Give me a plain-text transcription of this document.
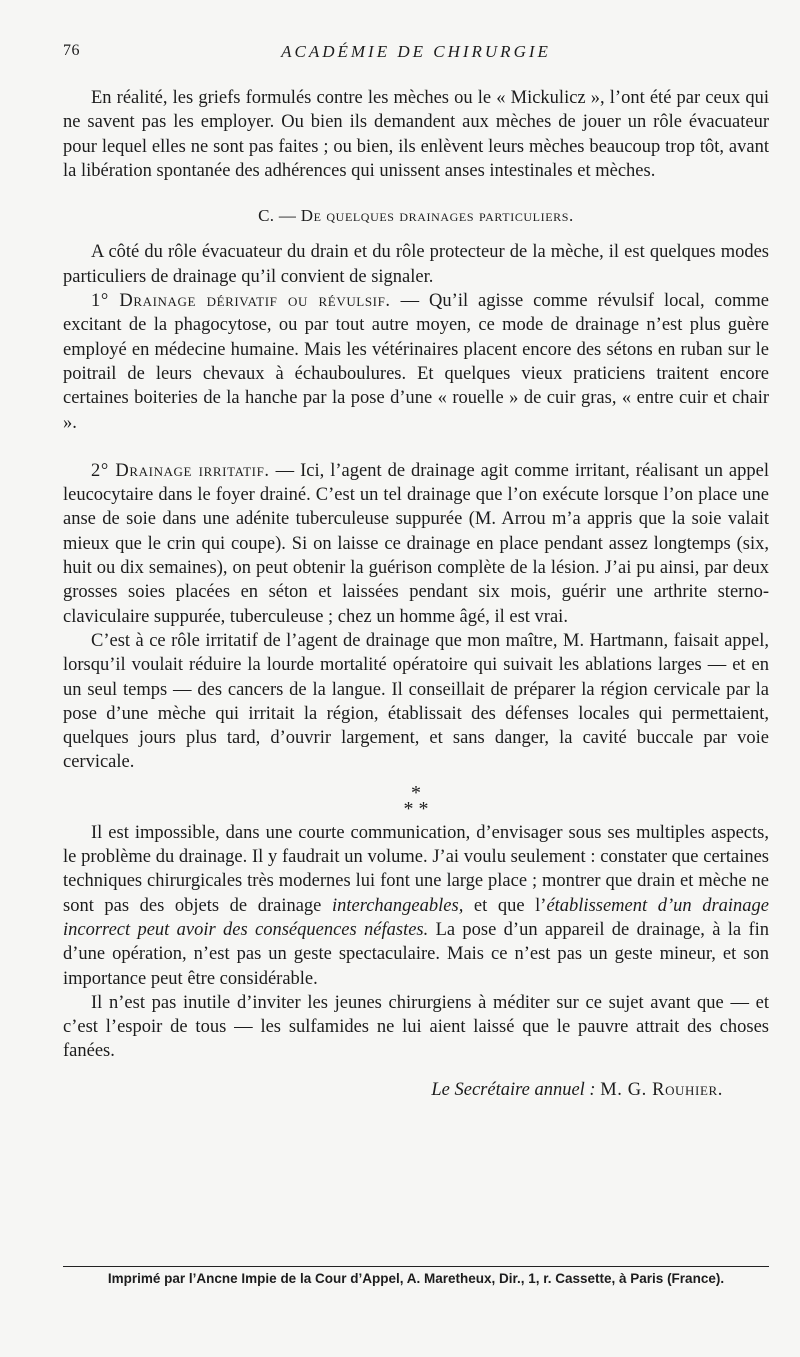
76	ACADÉMIE DE CHIRURGIE

En réalité, les griefs formulés contre les mèches ou le « Mickulicz », l’ont été par ceux qui ne savent pas les employer. Ou bien ils demandent aux mèches de jouer un rôle évacuateur pour lequel elles ne sont pas faites ; ou bien, ils enlèvent leurs mèches beaucoup trop tôt, avant la libération spontanée des adhérences qui unissent anses intestinales et mèches.

C. — De quelques drainages particuliers.

A côté du rôle évacuateur du drain et du rôle protecteur de la mèche, il est quelques modes particuliers de drainage qu’il convient de signaler.

1° Drainage dérivatif ou révulsif. — Qu’il agisse comme révulsif local, comme excitant de la phagocytose, ou par tout autre moyen, ce mode de drainage n’est plus guère employé en médecine humaine. Mais les vétérinaires placent encore des sétons en ruban sur le poitrail de leurs chevaux à échauboulures. Et quelques vieux praticiens traitent encore certaines boiteries de la hanche par la pose d’une « rouelle » de cuir gras, « entre cuir et chair ».

2° Drainage irritatif. — Ici, l’agent de drainage agit comme irritant, réalisant un appel leucocytaire dans le foyer drainé. C’est un tel drainage que l’on exécute lorsque l’on place une anse de soie dans une adénite tuberculeuse suppurée (M. Arrou m’a appris que la soie valait mieux que le crin qui coupe). Si on laisse ce drainage en place pendant assez longtemps (six, huit ou dix semaines), on peut obtenir la guérison complète de la lésion. J’ai pu ainsi, par deux grosses soies placées en séton et laissées pendant six mois, guérir une arthrite sterno-claviculaire suppurée, tuberculeuse ; chez un homme âgé, il est vrai.

C’est à ce rôle irritatif de l’agent de drainage que mon maître, M. Hartmann, faisait appel, lorsqu’il voulait réduire la lourde mortalité opératoire qui suivait les ablations larges — et en un seul temps — des cancers de la langue. Il conseillait de préparer la région cervicale par la pose d’une mèche qui irritait la région, établissait des défenses locales qui permettaient, quelques jours plus tard, d’ouvrir largement, et sans danger, la cavité buccale par voie cervicale.

*
* *

Il est impossible, dans une courte communication, d’envisager sous ses multiples aspects, le problème du drainage. Il y faudrait un volume. J’ai voulu seulement : constater que certaines techniques chirurgicales très modernes lui font une large place ; montrer que drain et mèche ne sont pas des objets de drainage interchangeables, et que l’établissement d’un drainage incorrect peut avoir des conséquences néfastes. La pose d’un appareil de drainage, à la fin d’une opération, n’est pas un geste spectaculaire. Mais ce n’est pas un geste mineur, et son importance peut être considérable.

Il n’est pas inutile d’inviter les jeunes chirurgiens à méditer sur ce sujet avant que — et c’est l’espoir de tous — les sulfamides ne lui aient laissé que le pauvre attrait des choses fanées.

Le Secrétaire annuel : M. G. Rouhier.
Imprimé par l’Ancne Impie de la Cour d’Appel, A. Maretheux, Dir., 1, r. Cassette, à Paris (France).
